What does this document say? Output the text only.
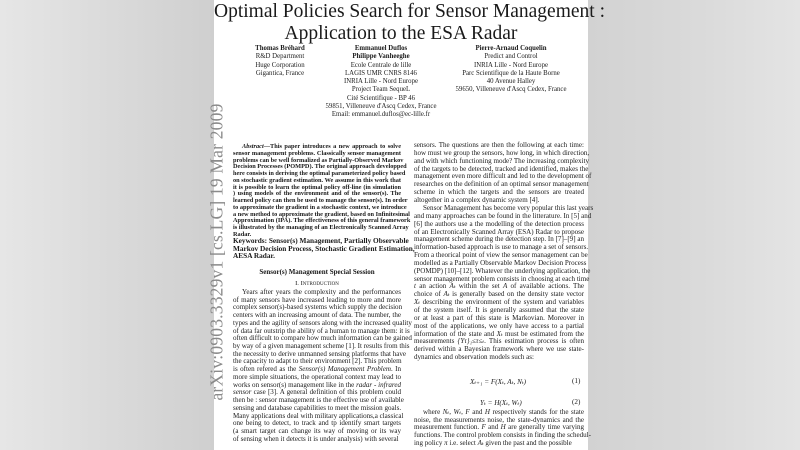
arXiv:0903.3329v1 [cs.LG] 19 Mar 2009
Optimal Policies Search for Sensor Management :
Application to the ESA Radar
Thomas Bréhard
R&D Department
Huge Corporation
Gigantica, France
Emmanuel Duflos
Philippe Vanheeghe
Ecole Centrale de lille
LAGIS UMR CNRS 8146
INRIA Lille - Nord Europe
Project Team SequeL
Cité Scientifique - BP 46
59851, Villeneuve d'Ascq Cedex, France
Email: emmanuel.duflos@ec-lille.fr
Pierre-Arnaud Coquelin
Predict and Control
INRIA Lille - Nord Europe
Parc Scientifique de la Haute Borne
40 Avenue Halley
59650, Villeneuve d'Ascq Cedex, France
Abstract—This paper introduces a new approach to solve
sensor management problems. Classically sensor management
problems can be well formalized as Partially-Observed Markov
Decision Processes (POMPD). The original approach developped
here consists in deriving the optimal parameterized policy based
on stochastic gradient estimation. We assume in this work that
it is possible to learn the optimal policy off-line (in simulation
) using models of the environment and of the sensor(s). The
learned policy can then be used to manage the sensor(s). In order
to approximate the gradient in a stochastic context, we introduce
a new method to approximate the gradient, based on Infinitesimal
Approximation (IPA). The effectiveness of this general framework
is illustrated by the managing of an Electronically Scanned Array
Radar.
Keywords: Sensor(s) Management, Partially Observable
Markov Decision Process, Stochastic Gradient Estimation,
AESA Radar.
Sensor(s) Management Special Session
I. Introduction
Years after years the complexity and the performances
of many sensors have increased leading to more and more
complex sensor(s)-based systems which supply the decision
centers with an increasing amount of data. The number, the
types and the agility of sensors along with the increased quality
of data far outstrip the ability of a human to manage them: it is
often difficult to compare how much information can be gained
by way of a given management scheme [1]. It results from this
the necessity to derive unmanned sensing platforms that have
the capacity to adapt to their environment [2]. This problem
is often refered as the Sensor(s) Management Problem. In
more simple situations, the operational context may lead to
works on sensor(s) management like in the radar - infrared
sensor case [3]. A general definition of this problem could
then be : sensor management is the effective use of available
sensing and database capabilities to meet the mission goals.
Many applications deal with military applications,a classical
one being to detect, to track and tp identify smart targets
(a smart target can change its way of moving or its way
of sensing when it detects it is under analysis) with several
sensors. The questions are then the following at each time:
how must we group the sensors, how long, in which direction,
and with which functioning mode? The increasing complexity
of the targets to be detected, tracked and identified, makes the
management even more difficult and led to the development of
researches on the definition of an optimal sensor management
scheme in which the targets and the sensors are treated
altogether in a complex dynamic system [4].
Sensor Management has become very popular this last years
and many approaches can be found in the litterature. In [5] and
[6] the authors use a the modelling of the detection process
of an Electronically Scanned Array (ESA) Radar to propose
management scheme during the detection step. In [7]–[9] an
information-based approach is use to manage a set of sensors.
From a theorical point of view the sensor management can be
modelled as a Partially Observable Markov Decision Process
(POMDP) [10]–[12]. Whatever the underlying application, the
sensor management problem consists in choosing at each time
t an action Aₜ within the set A of available actions. The
choice of Aₜ is generally based on the density state vector
Xₜ describing the environment of the system and variables
of the system itself. It is generally assumed that the state
or at least a part of this state is Markovian. Moreover in
most of the applications, we only have access to a partial
information of the state and Xₜ must be estimated from the
measurements {Yτ}₁≤τ≤ₜ. This estimation process is often
derived within a Bayesian framework where we use state-
dynamics and observation models such as:
Xₜ₊₁ = F(Xₜ, Aₜ, Nₜ)	(1)
Yₜ = H(Xₜ, Wₜ)	(2)
where Nₜ, Wₜ, F and H respectively stands for the state
noise, the measurements noise, the state-dynamics and the
measurement function. F and H are generally time varying
functions. The control problem consists in finding the schedul-
ing policy π i.e. select Aₜ given the past and the possible
